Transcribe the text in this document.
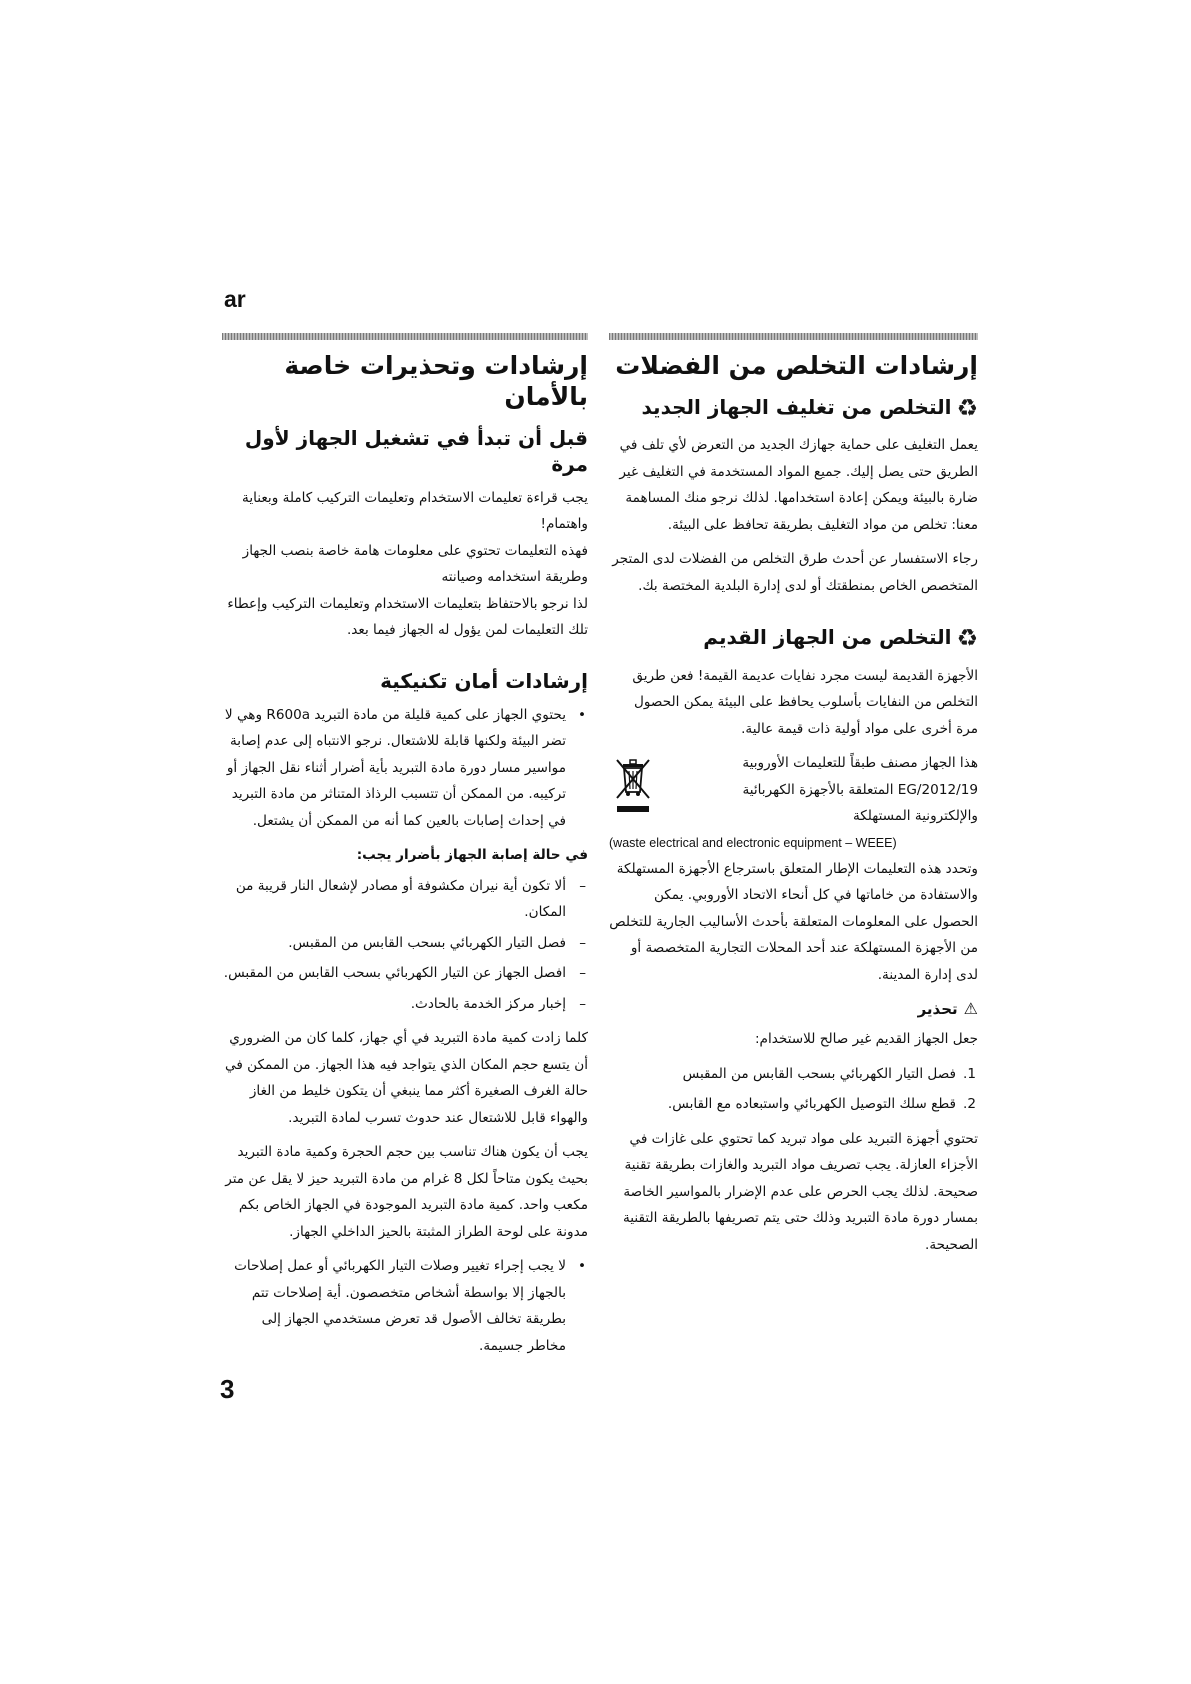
ar
إرشادات التخلص من الفضلات
♻التخلص من تغليف الجهاز الجديد

يعمل التغليف على حماية جهازك الجديد من التعرض لأي تلف في الطريق حتى يصل إليك. جميع المواد المستخدمة في التغليف غير ضارة بالبيئة ويمكن إعادة استخدامها. لذلك نرجو منك المساهمة معنا: تخلص من مواد التغليف بطريقة تحافظ على البيئة.

رجاء الاستفسار عن أحدث طرق التخلص من الفضلات لدى المتجر المتخصص الخاص بمنطقتك أو لدى إدارة البلدية المختصة بك.

♻التخلص من الجهاز القديم

الأجهزة القديمة ليست مجرد نفايات عديمة القيمة! فعن طريق التخلص من النفايات بأسلوب يحافظ على البيئة يمكن الحصول مرة أخرى على مواد أولية ذات قيمة عالية.

هذا الجهاز مصنف طبقاً للتعليمات الأوروبية
2012/19/EG المتعلقة بالأجهزة الكهربائية
والإلكترونية المستهلكة
(waste electrical and electronic equipment – WEEE)

وتحدد هذه التعليمات الإطار المتعلق باسترجاع الأجهزة المستهلكة والاستفادة من خاماتها في كل أنحاء الاتحاد الأوروبي. يمكن الحصول على المعلومات المتعلقة بأحدث الأساليب الجارية للتخلص من الأجهزة المستهلكة عند أحد المحلات التجارية المتخصصة أو لدى إدارة المدينة.

⚠تحذير

جعل الجهاز القديم غير صالح للاستخدام:

1.
فصل التيار الكهربائي بسحب القابس من المقبس
2.
قطع سلك التوصيل الكهربائي واستبعاده مع القابس.

تحتوي أجهزة التبريد على مواد تبريد كما تحتوي على غازات في الأجزاء العازلة. يجب تصريف مواد التبريد والغازات بطريقة تقنية صحيحة. لذلك يجب الحرص على عدم الإضرار بالمواسير الخاصة بمسار دورة مادة التبريد وذلك حتى يتم تصريفها بالطريقة التقنية الصحيحة.

إرشادات وتحذيرات خاصة بالأمان
قبل أن تبدأ في تشغيل الجهاز لأول مرة

يجب قراءة تعليمات الاستخدام وتعليمات التركيب كاملة وبعناية واهتمام!

فهذه التعليمات تحتوي على معلومات هامة خاصة بنصب الجهاز وطريقة استخدامه وصيانته

لذا نرجو بالاحتفاظ بتعليمات الاستخدام وتعليمات التركيب وإعطاء تلك التعليمات لمن يؤول له الجهاز فيما بعد.

إرشادات أمان تكنيكية
• يحتوي الجهاز على كمية قليلة من مادة التبريد R600a وهي لا تضر البيئة ولكنها قابلة للاشتعال. نرجو الانتباه إلى عدم إصابة مواسير مسار دورة مادة التبريد بأية أضرار أثناء نقل الجهاز أو تركيبه. من الممكن أن تتسبب الرذاذ المتناثر من مادة التبريد في إحداث إصابات بالعين كما أنه من الممكن أن يشتعل.
في حالة إصابة الجهاز بأضرار يجب:
– ألا تكون أية نيران مكشوفة أو مصادر لإشعال النار قريبة من المكان.
– فصل التيار الكهربائي بسحب القابس من المقبس.
– افصل الجهاز عن التيار الكهربائي بسحب القابس من المقبس.
– إخبار مركز الخدمة بالحادث.

كلما زادت كمية مادة التبريد في أي جهاز، كلما كان من الضروري أن يتسع حجم المكان الذي يتواجد فيه هذا الجهاز. من الممكن في حالة الغرف الصغيرة أكثر مما ينبغي أن يتكون خليط من الغاز والهواء قابل للاشتعال عند حدوث تسرب لمادة التبريد.

يجب أن يكون هناك تناسب بين حجم الحجرة وكمية مادة التبريد بحيث يكون متاحاً لكل 8 غرام من مادة التبريد حيز لا يقل عن متر مكعب واحد. كمية مادة التبريد الموجودة في الجهاز الخاص بكم مدونة على لوحة الطراز المثبتة بالحيز الداخلي الجهاز.

• لا يجب إجراء تغيير وصلات التيار الكهربائي أو عمل إصلاحات بالجهاز إلا بواسطة أشخاص متخصصون. أية إصلاحات تتم بطريقة تخالف الأصول قد تعرض مستخدمي الجهاز إلى مخاطر جسيمة.
3
